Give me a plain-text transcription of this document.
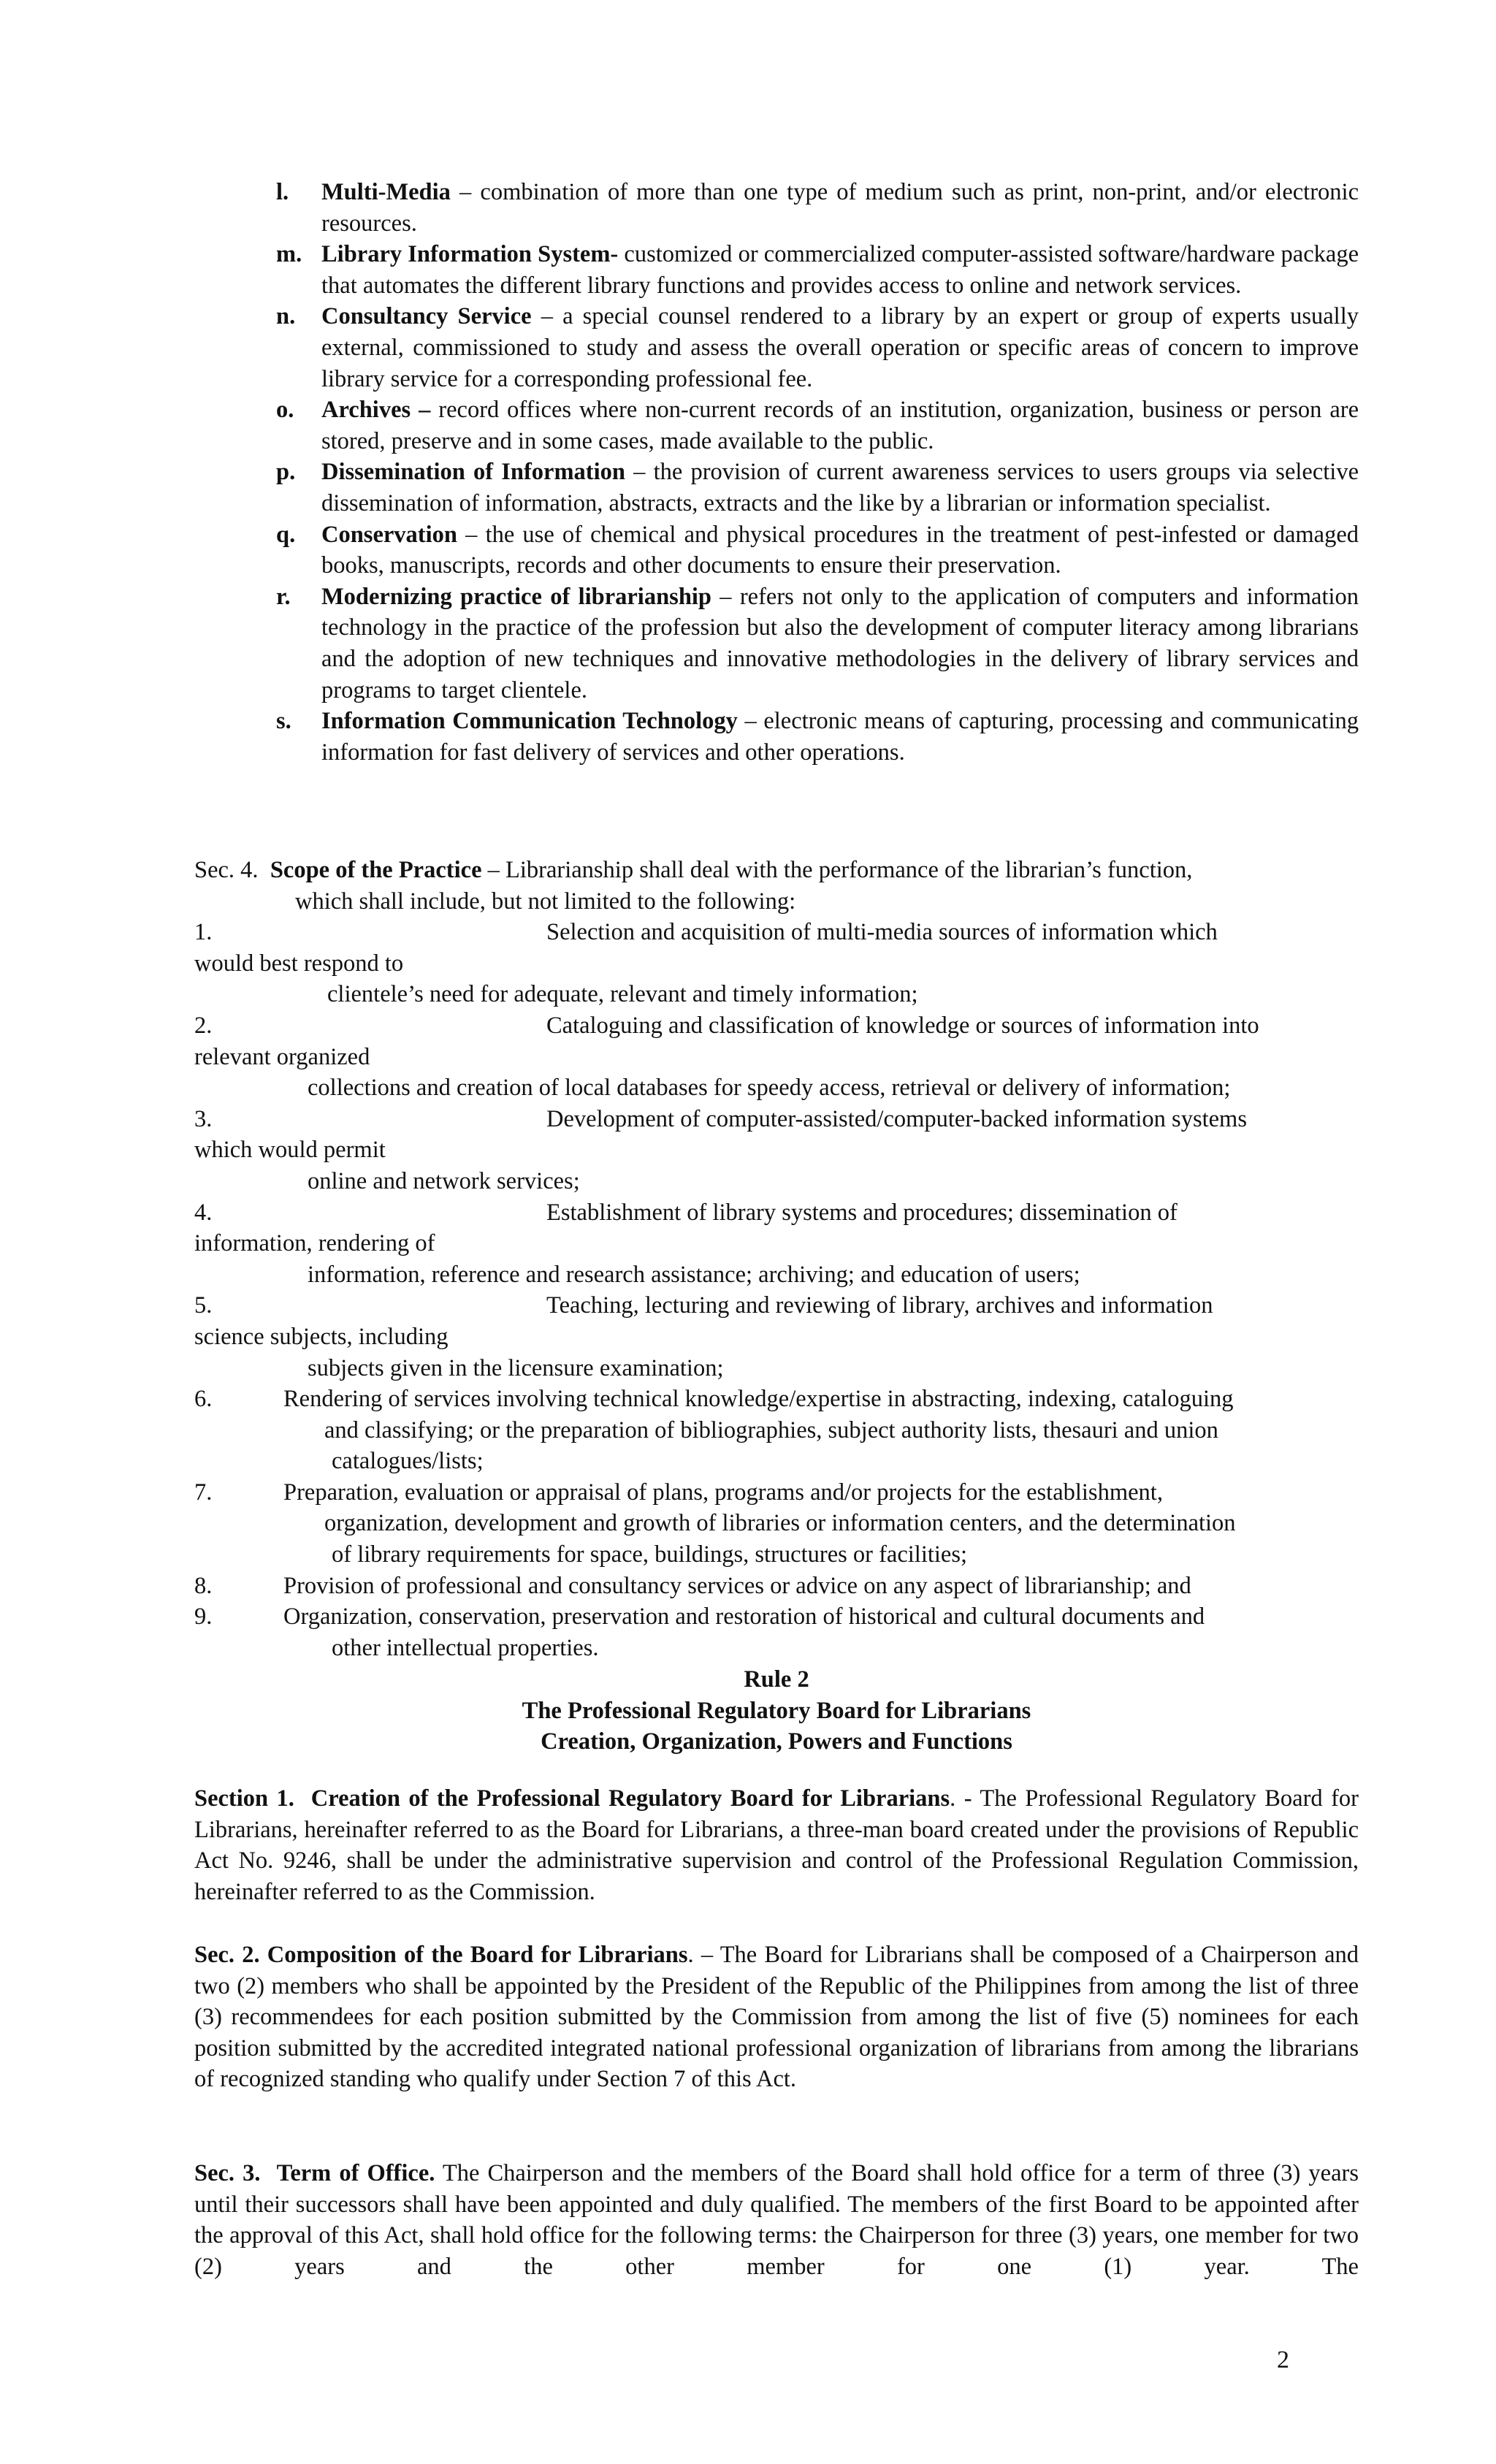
l. Multi-Media – combination of more than one type of medium such as print, non-print, and/or electronic resources.
m. Library Information System- customized or commercialized computer-assisted software/hardware package that automates the different library functions and provides access to online and network services.
n. Consultancy Service – a special counsel rendered to a library by an expert or group of experts usually external, commissioned to study and assess the overall operation or specific areas of concern to improve library service for a corresponding professional fee.
o. Archives – record offices where non-current records of an institution, organization, business or person are stored, preserve and in some cases, made available to the public.
p. Dissemination of Information – the provision of current awareness services to users groups via selective dissemination of information, abstracts, extracts and the like by a librarian or information specialist.
q. Conservation – the use of chemical and physical procedures in the treatment of pest-infested or damaged books, manuscripts, records and other documents to ensure their preservation.
r. Modernizing practice of librarianship – refers not only to the application of computers and information technology in the practice of the profession but also the development of computer literacy among librarians and the adoption of new techniques and innovative methodologies in the delivery of library services and programs to target clientele.
s. Information Communication Technology – electronic means of capturing, processing and communicating information for fast delivery of services and other operations.
Sec. 4. Scope of the Practice – Librarianship shall deal with the performance of the librarian’s function,
which shall include, but not limited to the following:
1.	Selection and acquisition of multi-media sources of information which
would best respond to
clientele’s need for adequate, relevant and timely information;
2.	Cataloguing and classification of knowledge or sources of information into
relevant organized
collections and creation of local databases for speedy access, retrieval or delivery of information;
3.	Development of computer-assisted/computer-backed information systems
which would permit
online and network services;
4.	Establishment of library systems and procedures; dissemination of
information, rendering of
information, reference and research assistance; archiving; and education of users;
5.	Teaching, lecturing and reviewing of library, archives and information
science subjects, including
subjects given in the licensure examination;
6.	Rendering of services involving technical knowledge/expertise in abstracting, indexing, cataloguing
and classifying; or the preparation of bibliographies, subject authority lists, thesauri and union
catalogues/lists;
7.	Preparation, evaluation or appraisal of plans, programs and/or projects for the establishment,
organization, development and growth of libraries or information centers, and the determination
of library requirements for space, buildings, structures or facilities;
8.	Provision of professional and consultancy services or advice on any aspect of librarianship; and
9.	Organization, conservation, preservation and restoration of historical and cultural documents and
other intellectual properties.
Rule 2
The Professional Regulatory Board for Librarians
Creation, Organization, Powers and Functions
Section 1. Creation of the Professional Regulatory Board for Librarians. - The Professional Regulatory Board for Librarians, hereinafter referred to as the Board for Librarians, a three-man board created under the provisions of Republic Act No. 9246, shall be under the administrative supervision and control of the Professional Regulation Commission, hereinafter referred to as the Commission.
Sec. 2. Composition of the Board for Librarians. – The Board for Librarians shall be composed of a Chairperson and two (2) members who shall be appointed by the President of the Republic of the Philippines from among the list of three (3) recommendees for each position submitted by the Commission from among the list of five (5) nominees for each position submitted by the accredited integrated national professional organization of librarians from among the librarians of recognized standing who qualify under Section 7 of this Act.
Sec. 3. Term of Office. The Chairperson and the members of the Board shall hold office for a term of three (3) years until their successors shall have been appointed and duly qualified. The members of the first Board to be appointed after the approval of this Act, shall hold office for the following terms: the Chairperson for three (3) years, one member for two (2) years and the other member for one (1) year. The
2
